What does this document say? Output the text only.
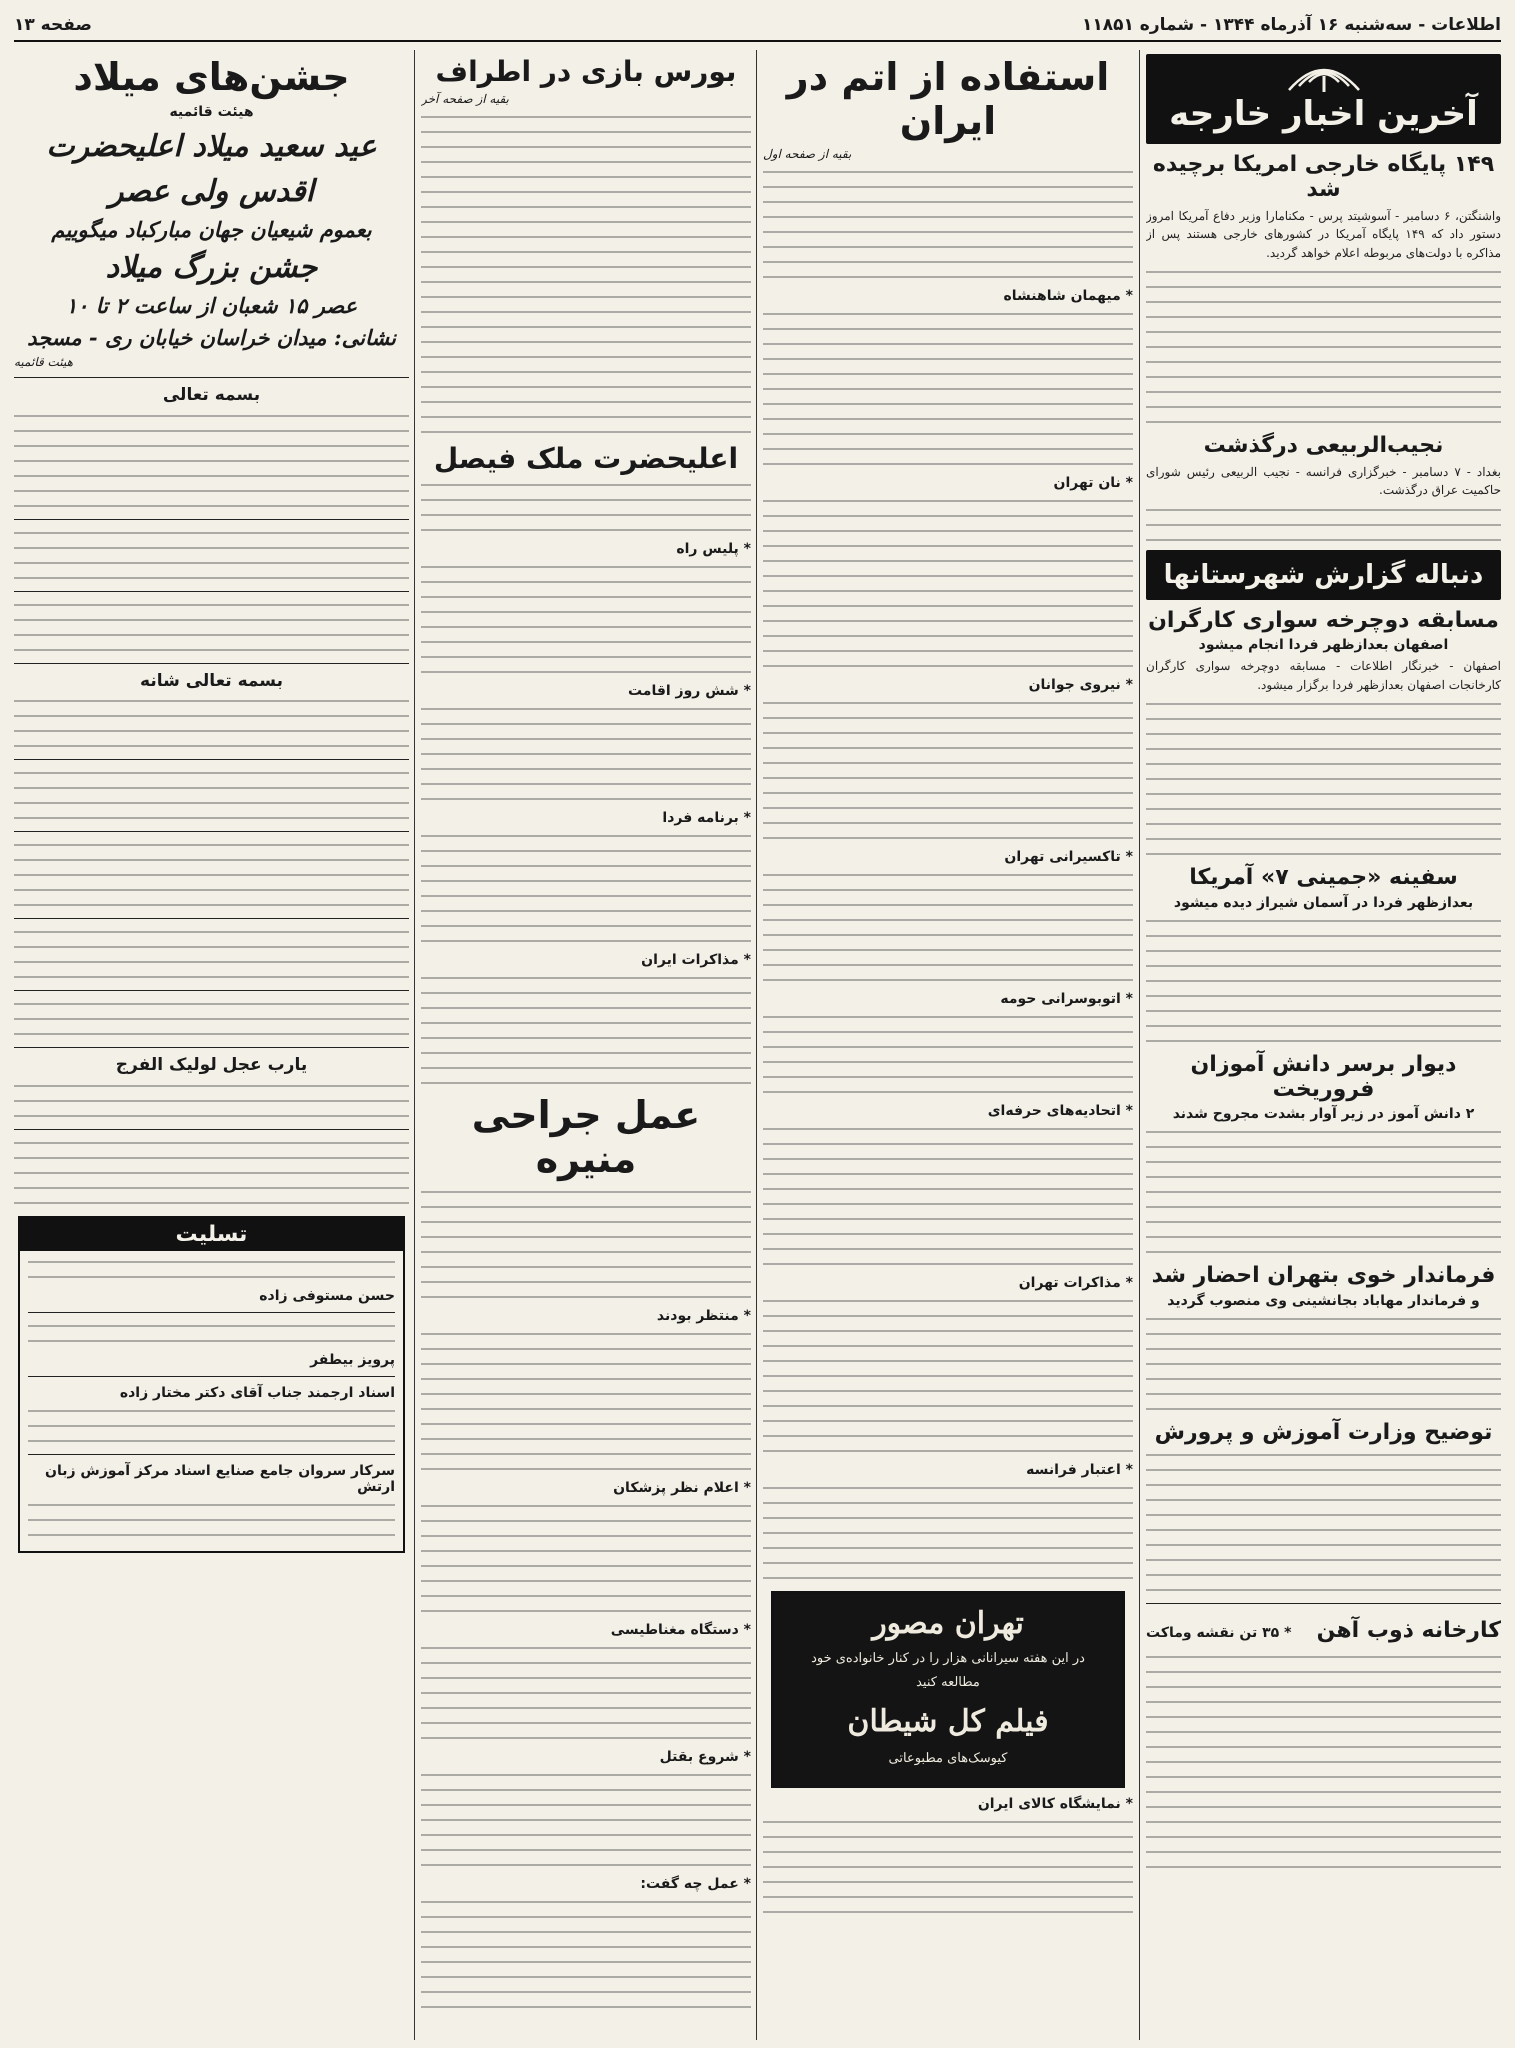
اطلاعات - سه‌شنبه ۱۶ آذرماه ۱۳۴۴ - شماره ۱۱۸۵۱
صفحه ۱۳
آخرین اخبار خارجه
۱۴۹ پایگاه خارجی امریکا برچیده شد

واشنگتن، ۶ دسامبر - آسوشیتد پرس - مکنامارا وزیر دفاع آمریکا امروز دستور داد که ۱۴۹ پایگاه آمریکا در کشورهای خارجی هستند پس از مذاکره با دولت‌های مربوطه اعلام خواهد گردید.

نجیب‌الربیعی درگذشت

بغداد - ۷ دسامبر - خبرگزاری فرانسه - نجیب الربیعی رئیس شورای حاکمیت عراق درگذشت.

دنباله گزارش شهرستانها
مسابقه دوچرخه سواری کارگران
اصفهان بعدازظهر فردا انجام میشود

اصفهان - خبرنگار اطلاعات - مسابقه دوچرخه سواری کارگران کارخانجات اصفهان بعدازظهر فردا برگزار میشود.

سفینه «جمینی ۷» آمریکا
بعدازظهر فردا در آسمان شیراز دیده میشود
دیوار برسر دانش آموزان فروریخت
۲ دانش آموز در زیر آوار بشدت مجروح شدند
فرماندار خوی بتهران احضار شد
و فرماندار مهاباد بجانشینی وی منصوب گردید
توضیح وزارت آموزش و پرورش
کارخانه ذوب آهن
* ۳۵ تن نقشه وماکت
استفاده از اتم در ایران
بقیه از صفحه اول
* میهمان شاهنشاه
* نان تهران
* نیروی جوانان
* تاکسیرانی تهران
* اتوبوسرانی حومه
* اتحادیه‌های حرفه‌ای
* مذاکرات تهران
* اعتبار فرانسه
تهران مصور
در این هفته سیرانانی هزار را در کنار خانواده‌ی خود
مطالعه کنید
فیلم کل شیطان
کیوسک‌های مطبوعاتی
* نمایشگاه کالای ایران
بورس بازی در اطراف
بقیه از صفحه آخر
اعلیحضرت ملک فیصل
* پلیس راه
* شش روز اقامت
* برنامه فردا
* مذاکرات ایران
عمل جراحی منیره
* منتظر بودند
* اعلام نظر پزشکان
* دستگاه مغناطیسی
* شروع بقتل
* عمل چه گفت:
جشن‌های میلاد
هیئت قائمیه
عید سعید میلاد اعلیحضرت اقدس ولی عصر
بعموم شیعیان جهان مبارکباد میگوییم
جشن بزرگ میلاد
عصر ۱۵ شعبان از ساعت ۲ تا ۱۰
نشانی: میدان خراسان خیابان ری - مسجد
هیئت قائمیه
بسمه تعالی
بسمه تعالی شانه
یارب عجل لولیک الفرج
تسلیت
حسن مستوفی زاده
پرویز بیطفر
اسناد ارجمند جناب آقای دکتر مختار زاده
سرکار سروان جامع صنایع اسناد مرکز آموزش زبان ارتش
